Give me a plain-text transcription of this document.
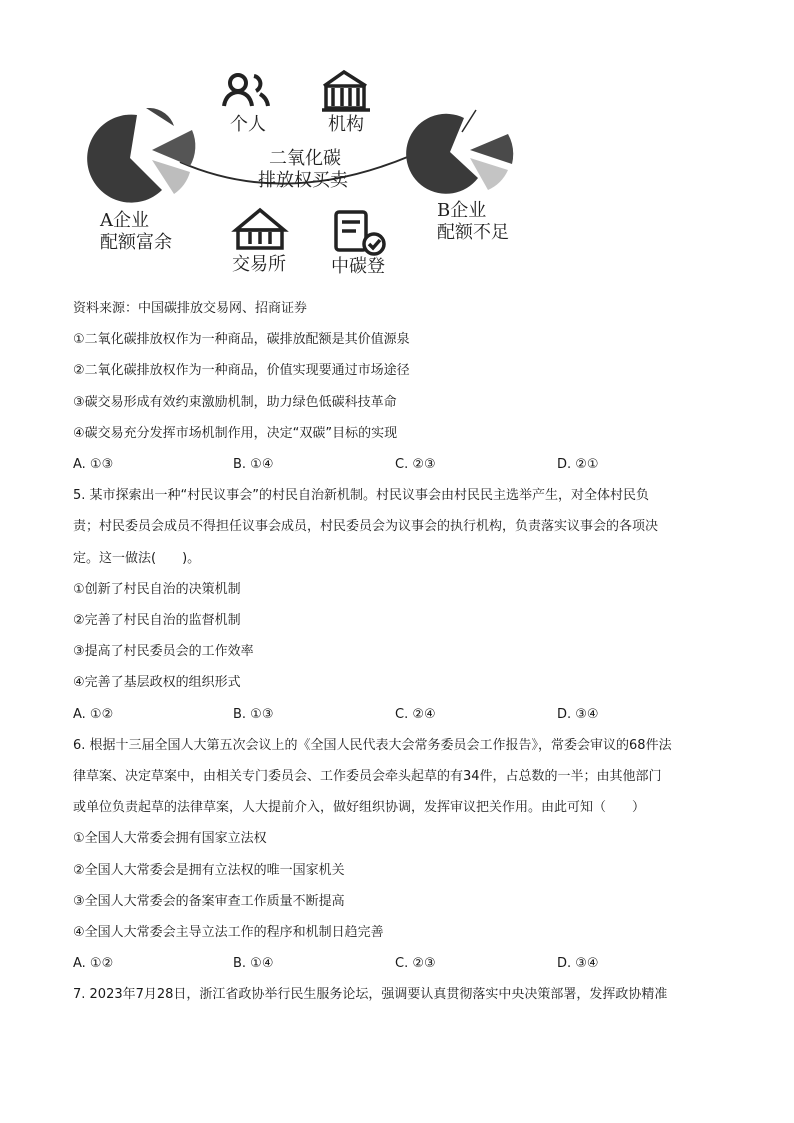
个人	机构
二氧化碳
排放权买卖
A企业
配额富余
B企业
配额不足
交易所	中碳登
资料来源：中国碳排放交易网、招商证券
①二氧化碳排放权作为一种商品，碳排放配额是其价值源泉
②二氧化碳排放权作为一种商品，价值实现要通过市场途径
③碳交易形成有效约束激励机制，助力绿色低碳科技革命
④碳交易充分发挥市场机制作用，决定“双碳”目标的实现
A. ①③	B. ①④	C. ②③	D. ②①
5. 某市探索出一种“村民议事会”的村民自治新机制。村民议事会由村民民主选举产生，对全体村民负
责；村民委员会成员不得担任议事会成员，村民委员会为议事会的执行机构，负责落实议事会的各项决
定。这一做法(　　)。
①创新了村民自治的决策机制
②完善了村民自治的监督机制
③提高了村民委员会的工作效率
④完善了基层政权的组织形式
A. ①②	B. ①③	C. ②④	D. ③④
6. 根据十三届全国人大第五次会议上的《全国人民代表大会常务委员会工作报告》，常委会审议的68件法
律草案、决定草案中，由相关专门委员会、工作委员会牵头起草的有34件，占总数的一半；由其他部门
或单位负责起草的法律草案，人大提前介入，做好组织协调，发挥审议把关作用。由此可知（　　）
①全国人大常委会拥有国家立法权
②全国人大常委会是拥有立法权的唯一国家机关
③全国人大常委会的备案审查工作质量不断提高
④全国人大常委会主导立法工作的程序和机制日趋完善
A. ①②	B. ①④	C. ②③	D. ③④
7. 2023年7月28日，浙江省政协举行民生服务论坛，强调要认真贯彻落实中央决策部署，发挥政协精准
